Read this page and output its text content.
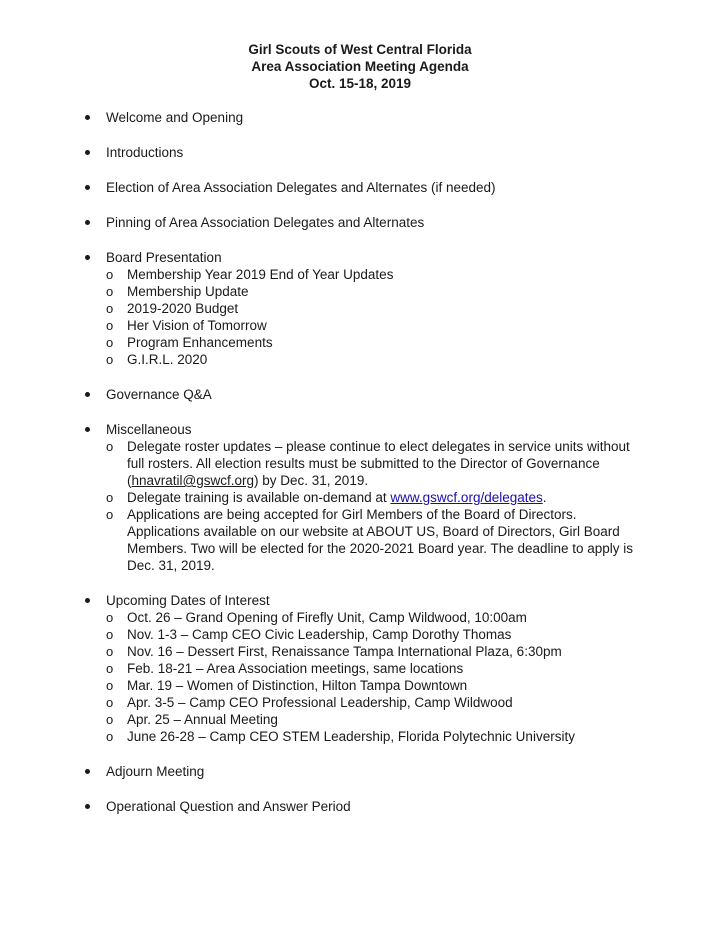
Girl Scouts of West Central Florida
Area Association Meeting Agenda
Oct. 15-18, 2019
Welcome and Opening
Introductions
Election of Area Association Delegates and Alternates (if needed)
Pinning of Area Association Delegates and Alternates
Board Presentation
o Membership Year 2019 End of Year Updates
o Membership Update
o 2019-2020 Budget
o Her Vision of Tomorrow
o Program Enhancements
o G.I.R.L. 2020
Governance Q&A
Miscellaneous
o Delegate roster updates – please continue to elect delegates in service units without full rosters. All election results must be submitted to the Director of Governance (hnavratil@gswcf.org) by Dec. 31, 2019.
o Delegate training is available on-demand at www.gswcf.org/delegates.
o Applications are being accepted for Girl Members of the Board of Directors. Applications available on our website at ABOUT US, Board of Directors, Girl Board Members. Two will be elected for the 2020-2021 Board year. The deadline to apply is Dec. 31, 2019.
Upcoming Dates of Interest
o Oct. 26 – Grand Opening of Firefly Unit, Camp Wildwood, 10:00am
o Nov. 1-3 – Camp CEO Civic Leadership, Camp Dorothy Thomas
o Nov. 16 – Dessert First, Renaissance Tampa International Plaza, 6:30pm
o Feb. 18-21 – Area Association meetings, same locations
o Mar. 19 – Women of Distinction, Hilton Tampa Downtown
o Apr. 3-5 – Camp CEO Professional Leadership, Camp Wildwood
o Apr. 25 – Annual Meeting
o June 26-28 – Camp CEO STEM Leadership, Florida Polytechnic University
Adjourn Meeting
Operational Question and Answer Period
